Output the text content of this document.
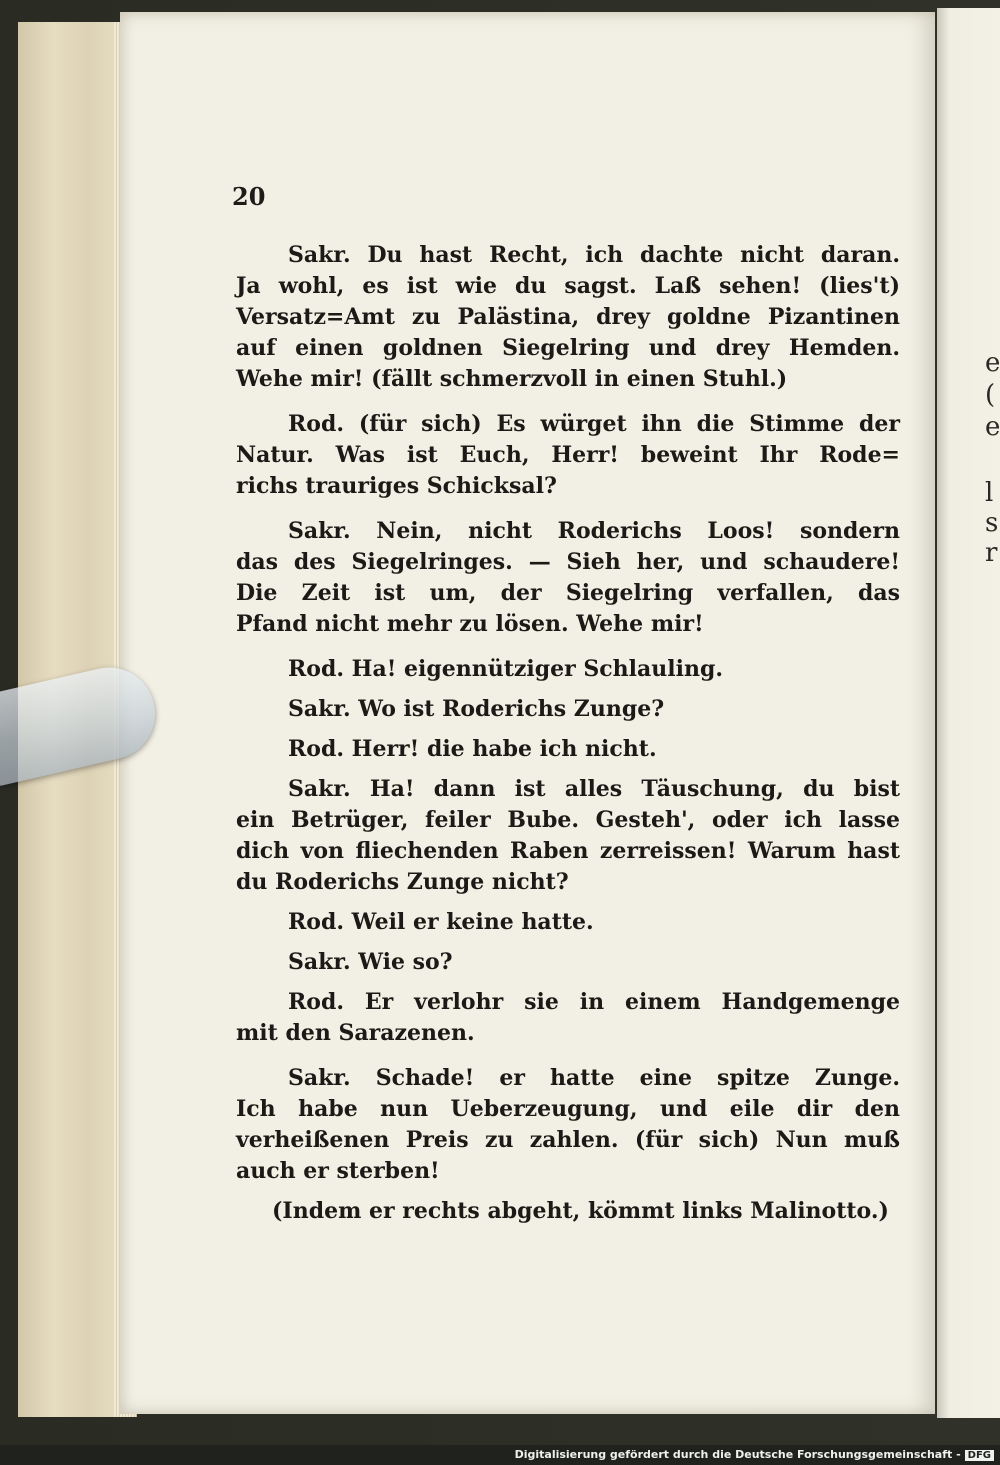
e
(
e
l
s
r
20
Sakr. Du hast Recht, ich dachte nicht daran.
Ja wohl, es ist wie du sagst. Laß sehen! (lies't)
Versatz=Amt zu Palästina, drey goldne Pizantinen
auf einen goldnen Siegelring und drey Hemden.
Wehe mir! (fällt schmerzvoll in einen Stuhl.)
Rod. (für sich) Es würget ihn die Stimme der
Natur. Was ist Euch, Herr! beweint Ihr Rode=
richs trauriges Schicksal?
Sakr. Nein, nicht Roderichs Loos! sondern
das des Siegelringes. — Sieh her, und schaudere!
Die Zeit ist um, der Siegelring verfallen, das
Pfand nicht mehr zu lösen. Wehe mir!
Rod. Ha! eigennütziger Schlauling.
Sakr. Wo ist Roderichs Zunge?
Rod. Herr! die habe ich nicht.
Sakr. Ha! dann ist alles Täuschung, du bist
ein Betrüger, feiler Bube. Gesteh', oder ich lasse
dich von fliechenden Raben zerreissen! Warum hast
du Roderichs Zunge nicht?
Rod. Weil er keine hatte.
Sakr. Wie so?
Rod. Er verlohr sie in einem Handgemenge
mit den Sarazenen.
Sakr. Schade! er hatte eine spitze Zunge.
Ich habe nun Ueberzeugung, und eile dir den
verheißenen Preis zu zahlen. (für sich) Nun muß
auch er sterben!
(Indem er rechts abgeht, kömmt links Malinotto.)
Digitalisierung gefördert durch die Deutsche Forschungsgemeinschaft - DFG
